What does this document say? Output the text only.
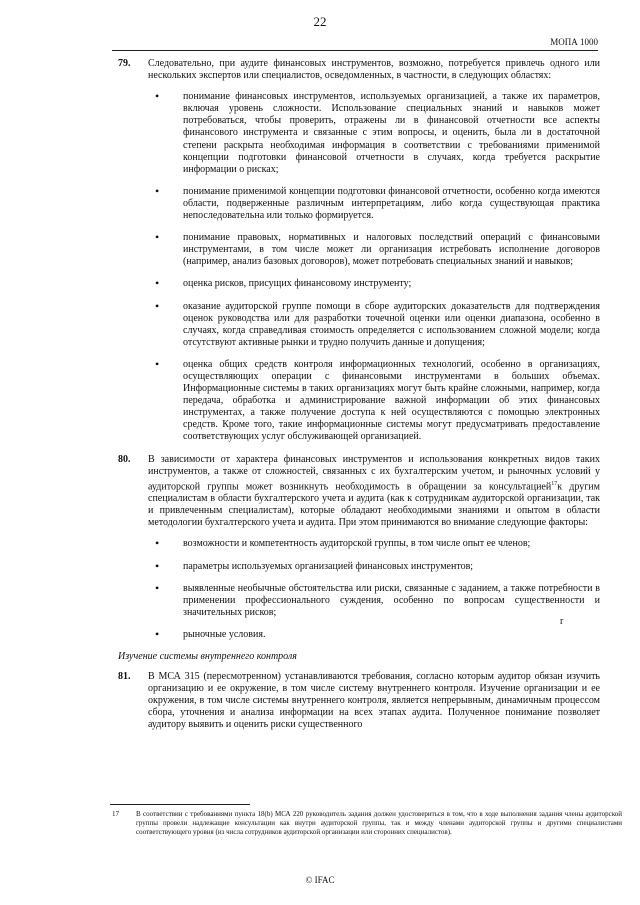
22
МОПА 1000
79. Следовательно, при аудите финансовых инструментов, возможно, потребуется привлечь одного или нескольких экспертов или специалистов, осведомленных, в частности, в следующих областях:
• понимание финансовых инструментов, используемых организацией, а также их параметров, включая уровень сложности. Использование специальных знаний и навыков может потребоваться, чтобы проверить, отражены ли в финансовой отчетности все аспекты финансового инструмента и связанные с этим вопросы, и оценить, была ли в достаточной степени раскрыта необходимая информация в соответствии с требованиями применимой концепции подготовки финансовой отчетности в случаях, когда требуется раскрытие информации о рисках;
• понимание применимой концепции подготовки финансовой отчетности, особенно когда имеются области, подверженные различным интерпретациям, либо когда существующая практика непоследовательна или только формируется.
• понимание правовых, нормативных и налоговых последствий операций с финансовыми инструментами, в том числе может ли организация истребовать исполнение договоров (например, анализ базовых договоров), может потребовать специальных знаний и навыков;
• оценка рисков, присущих финансовому инструменту;
• оказание аудиторской группе помощи в сборе аудиторских доказательств для подтверждения оценок руководства или для разработки точечной оценки или оценки диапазона, особенно в случаях, когда справедливая стоимость определяется с использованием сложной модели; когда отсутствуют активные рынки и трудно получить данные и допущения;
• оценка общих средств контроля информационных технологий, особенно в организациях, осуществляющих операции с финансовыми инструментами в больших объемах. Информационные системы в таких организациях могут быть крайне сложными, например, когда передача, обработка и администрирование важной информации об этих финансовых инструментах, а также получение доступа к ней осуществляются с помощью электронных средств. Кроме того, такие информационные системы могут предусматривать предоставление соответствующих услуг обслуживающей организацией.
80. В зависимости от характера финансовых инструментов и использования конкретных видов таких инструментов, а также от сложностей, связанных с их бухгалтерским учетом, и рыночных условий у аудиторской группы может возникнуть необходимость в обращении за консультацией$^{17}$к другим специалистам в области бухгалтерского учета и аудита (как к сотрудникам аудиторской организации, так и привлеченным специалистам), которые обладают необходимыми знаниями и опытом в области методологии бухгалтерского учета и аудита. При этом принимаются во внимание следующие факторы:
• возможности и компетентность аудиторской группы, в том числе опыт ее членов;
• параметры используемых организацией финансовых инструментов;
• выявленные необычные обстоятельства или риски, связанные с заданием, а также потребности в применении профессионального суждения, особенно по вопросам существенности и значительных рисков;
• рыночные условия.
Изучение системы внутреннего контроля
81. В МСА 315 (пересмотренном) устанавливаются требования, согласно которым аудитор обязан изучить организацию и ее окружение, в том числе систему внутреннего контроля. Изучение организации и ее окружения, в том числе системы внутреннего контроля, является непрерывным, динамичным процессом сбора, уточнения и анализа информации на всех этапах аудита. Полученное понимание позволяет аудитору выявить и оценить риски существенного
r
17 В соответствии с требованиями пункта 18(b) МСА 220 руководитель задания должен удостовериться в том, что в ходе выполнения задания члены аудиторской группы провели надлежащие консультации как внутри аудиторской группы, так и между членами аудиторской группы и другими специалистами соответствующего уровня (из числа сотрудников аудиторской организации или сторонних специалистов).
© IFAC
